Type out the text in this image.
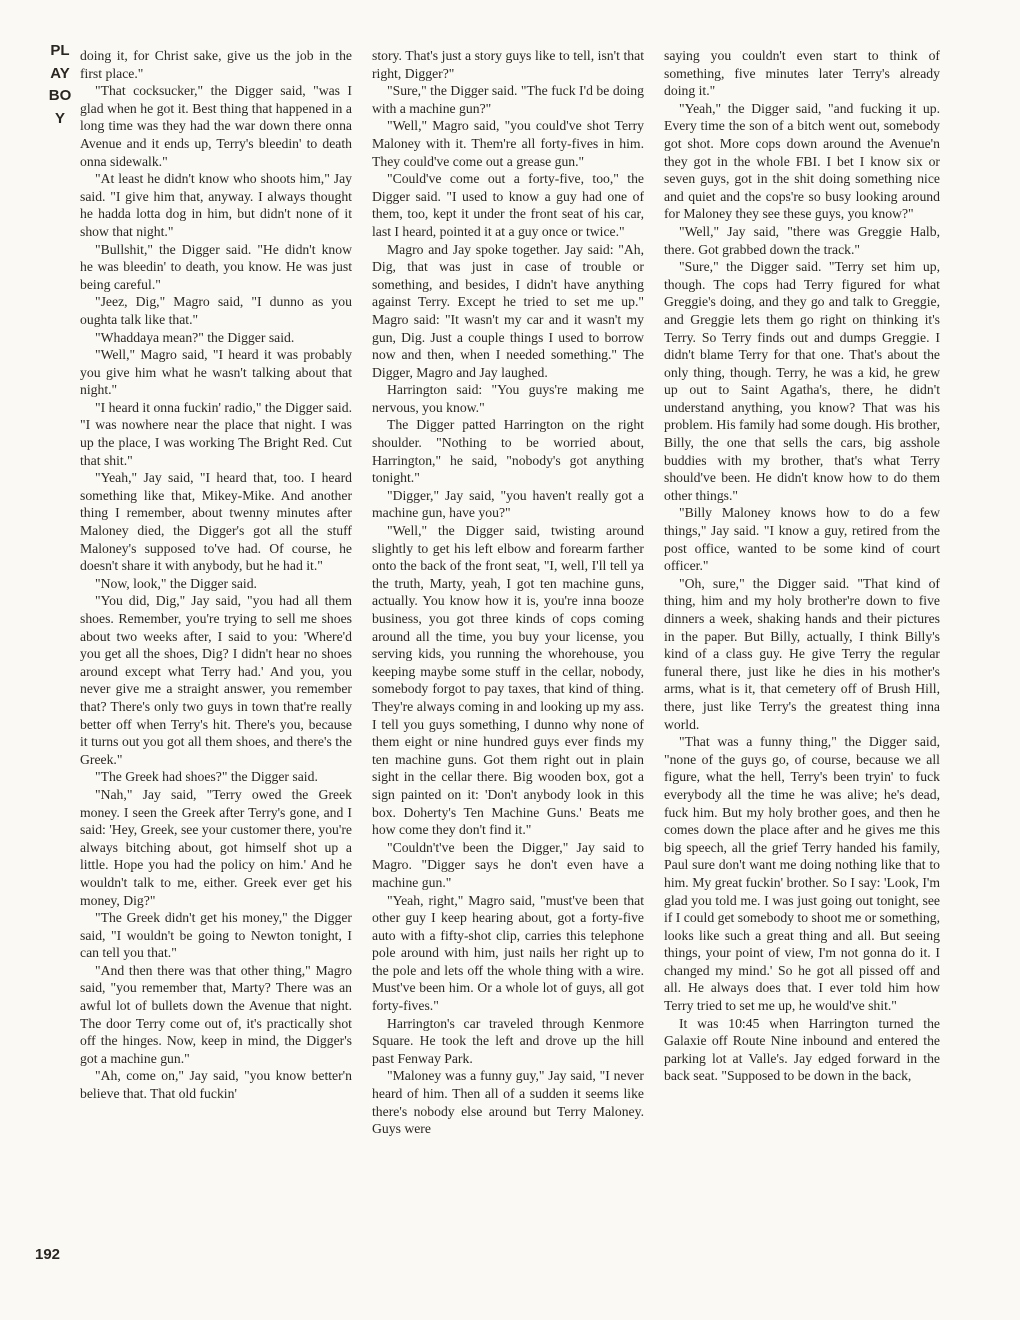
PLAYBOY

doing it, for Christ sake, give us the job in the first place."

"That cocksucker," the Digger said, "was I glad when he got it. Best thing that happened in a long time was they had the war down there onna Avenue and it ends up, Terry's bleedin' to death onna sidewalk."

"At least he didn't know who shoots him," Jay said. "I give him that, anyway. I always thought he hadda lotta dog in him, but didn't none of it show that night."

"Bullshit," the Digger said. "He didn't know he was bleedin' to death, you know. He was just being careful."

"Jeez, Dig," Magro said, "I dunno as you oughta talk like that."

"Whaddaya mean?" the Digger said.

"Well," Magro said, "I heard it was probably you give him what he wasn't talking about that night."

"I heard it onna fuckin' radio," the Digger said. "I was nowhere near the place that night. I was up the place, I was working The Bright Red. Cut that shit."

"Yeah," Jay said, "I heard that, too. I heard something like that, Mikey-Mike. And another thing I remember, about twenny minutes after Maloney died, the Digger's got all the stuff Maloney's supposed to've had. Of course, he doesn't share it with anybody, but he had it."

"Now, look," the Digger said.

"You did, Dig," Jay said, "you had all them shoes. Remember, you're trying to sell me shoes about two weeks after, I said to you: 'Where'd you get all the shoes, Dig? I didn't hear no shoes around except what Terry had.' And you, you never give me a straight answer, you remember that? There's only two guys in town that're really better off when Terry's hit. There's you, because it turns out you got all them shoes, and there's the Greek."

"The Greek had shoes?" the Digger said.

"Nah," Jay said, "Terry owed the Greek money. I seen the Greek after Terry's gone, and I said: 'Hey, Greek, see your customer there, you're always bitching about, got himself shot up a little. Hope you had the policy on him.' And he wouldn't talk to me, either. Greek ever get his money, Dig?"

"The Greek didn't get his money," the Digger said, "I wouldn't be going to Newton tonight, I can tell you that."

"And then there was that other thing," Magro said, "you remember that, Marty? There was an awful lot of bullets down the Avenue that night. The door Terry come out of, it's practically shot off the hinges. Now, keep in mind, the Digger's got a machine gun."

"Ah, come on," Jay said, "you know better'n believe that. That old fuckin'

story. That's just a story guys like to tell, isn't that right, Digger?"

"Sure," the Digger said. "The fuck I'd be doing with a machine gun?"

"Well," Magro said, "you could've shot Terry Maloney with it. Them're all forty-fives in him. They could've come out a grease gun."

"Could've come out a forty-five, too," the Digger said. "I used to know a guy had one of them, too, kept it under the front seat of his car, last I heard, pointed it at a guy once or twice."

Magro and Jay spoke together. Jay said: "Ah, Dig, that was just in case of trouble or something, and besides, I didn't have anything against Terry. Except he tried to set me up." Magro said: "It wasn't my car and it wasn't my gun, Dig. Just a couple things I used to borrow now and then, when I needed something." The Digger, Magro and Jay laughed.

Harrington said: "You guys're making me nervous, you know."

The Digger patted Harrington on the right shoulder. "Nothing to be worried about, Harrington," he said, "nobody's got anything tonight."

"Digger," Jay said, "you haven't really got a machine gun, have you?"

"Well," the Digger said, twisting around slightly to get his left elbow and forearm farther onto the back of the front seat, "I, well, I'll tell ya the truth, Marty, yeah, I got ten machine guns, actually. You know how it is, you're inna booze business, you got three kinds of cops coming around all the time, you buy your license, you serving kids, you running the whorehouse, you keeping maybe some stuff in the cellar, nobody, somebody forgot to pay taxes, that kind of thing. They're always coming in and looking up my ass. I tell you guys something, I dunno why none of them eight or nine hundred guys ever finds my ten machine guns. Got them right out in plain sight in the cellar there. Big wooden box, got a sign painted on it: 'Don't anybody look in this box. Doherty's Ten Machine Guns.' Beats me how come they don't find it."

"Couldn't've been the Digger," Jay said to Magro. "Digger says he don't even have a machine gun."

"Yeah, right," Magro said, "must've been that other guy I keep hearing about, got a forty-five auto with a fifty-shot clip, carries this telephone pole around with him, just nails her right up to the pole and lets off the whole thing with a wire. Must've been him. Or a whole lot of guys, all got forty-fives."

Harrington's car traveled through Kenmore Square. He took the left and drove up the hill past Fenway Park.

"Maloney was a funny guy," Jay said, "I never heard of him. Then all of a sudden it seems like there's nobody else around but Terry Maloney. Guys were

saying you couldn't even start to think of something, five minutes later Terry's already doing it."

"Yeah," the Digger said, "and fucking it up. Every time the son of a bitch went out, somebody got shot. More cops down around the Avenue'n they got in the whole FBI. I bet I know six or seven guys, got in the shit doing something nice and quiet and the cops're so busy looking around for Maloney they see these guys, you know?"

"Well," Jay said, "there was Greggie Halb, there. Got grabbed down the track."

"Sure," the Digger said. "Terry set him up, though. The cops had Terry figured for what Greggie's doing, and they go and talk to Greggie, and Greggie lets them go right on thinking it's Terry. So Terry finds out and dumps Greggie. I didn't blame Terry for that one. That's about the only thing, though. Terry, he was a kid, he grew up out to Saint Agatha's, there, he didn't understand anything, you know? That was his problem. His family had some dough. His brother, Billy, the one that sells the cars, big asshole buddies with my brother, that's what Terry should've been. He didn't know how to do them other things."

"Billy Maloney knows how to do a few things," Jay said. "I know a guy, retired from the post office, wanted to be some kind of court officer."

"Oh, sure," the Digger said. "That kind of thing, him and my holy brother're down to five dinners a week, shaking hands and their pictures in the paper. But Billy, actually, I think Billy's kind of a class guy. He give Terry the regular funeral there, just like he dies in his mother's arms, what is it, that cemetery off of Brush Hill, there, just like Terry's the greatest thing inna world.

"That was a funny thing," the Digger said, "none of the guys go, of course, because we all figure, what the hell, Terry's been tryin' to fuck everybody all the time he was alive; he's dead, fuck him. But my holy brother goes, and then he comes down the place after and he gives me this big speech, all the grief Terry handed his family, Paul sure don't want me doing nothing like that to him. My great fuckin' brother. So I say: 'Look, I'm glad you told me. I was just going out tonight, see if I could get somebody to shoot me or something, looks like such a great thing and all. But seeing things, your point of view, I'm not gonna do it. I changed my mind.' So he got all pissed off and all. He always does that. I ever told him how Terry tried to set me up, he would've shit."

It was 10:45 when Harrington turned the Galaxie off Route Nine inbound and entered the parking lot at Valle's. Jay edged forward in the back seat. "Supposed to be down in the back,

192
